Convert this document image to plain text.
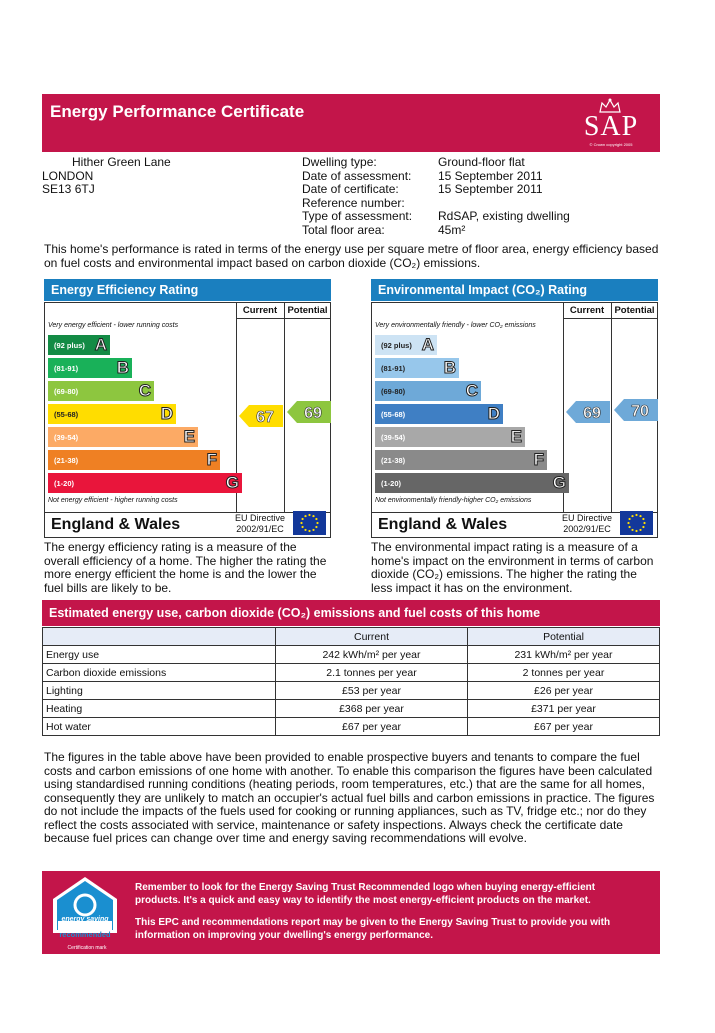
Energy Performance Certificate	SAP
© Crown copyright 2005
Hither Green Lane
LONDON
SE13 6TJ
Dwelling type:	Ground-floor flat
Date of assessment:	15 September 2011
Date of certificate:	15 September 2011
Reference number:
Type of assessment:	RdSAP, existing dwelling
Total floor area:	45m²
This home's performance is rated in terms of the energy use per square metre of floor area, energy efficiency based on fuel costs and environmental impact based on carbon dioxide (CO₂) emissions.
Energy Efficiency Rating
Current	Potential
Very energy efficient - lower running costs
Not energy efficient - higher running costs
(92 plus) A
(81-91) B
(69-80)	C
(55-68)	D
(39-54)	E
(21-38)	F
(1-20)	G
England & Wales	EU Directive
2002/91/EC
67 69
The energy efficiency rating is a measure of the overall efficiency of a home. The higher the rating the more energy efficient the home is and the lower the fuel bills are likely to be.
Environmental Impact (CO₂) Rating
Current	Potential
Very environmentally friendly - lower CO₂ emissions
Not environmentally friendly-higher CO₂ emissions
(92 plus) A
(81-91) B
(69-80)	C
(55-68)	D
(39-54)	E
(21-38)	F
(1-20)	G
England & Wales	EU Directive
2002/91/EC
69 70
The environmental impact rating is a measure of a home's impact on the environment in terms of carbon dioxide (CO₂) emissions. The higher the rating the less impact it has on the environment.
Estimated energy use, carbon dioxide (CO₂) emissions and fuel costs of this home
	Current	Potential
Energy use	242 kWh/m² per year	231 kWh/m² per year
Carbon dioxide emissions	2.1 tonnes per year	2 tonnes per year
Lighting	£53 per year	£26 per year
Heating	£368 per year	£371 per year
Hot water	£67 per year	£67 per year
The figures in the table above have been provided to enable prospective buyers and tenants to compare the fuel costs and carbon emissions of one home with another. To enable this comparison the figures have been calculated using standardised running conditions (heating periods, room temperatures, etc.) that are the same for all homes, consequently they are unlikely to match an occupier's actual fuel bills and carbon emissions in practice. The figures do not include the impacts of the fuels used for cooking or running appliances, such as TV, fridge etc.; nor do they reflect the costs associated with service, maintenance or safety inspections. Always check the certificate date because fuel prices can change over time and energy saving recommendations will evolve.
energy saving
recommended
Certification mark
Remember to look for the Energy Saving Trust Recommended logo when buying energy-efficient products. It's a quick and easy way to identify the most energy-efficient products on the market.
This EPC and recommendations report may be given to the Energy Saving Trust to provide you with information on improving your dwelling's energy performance.
